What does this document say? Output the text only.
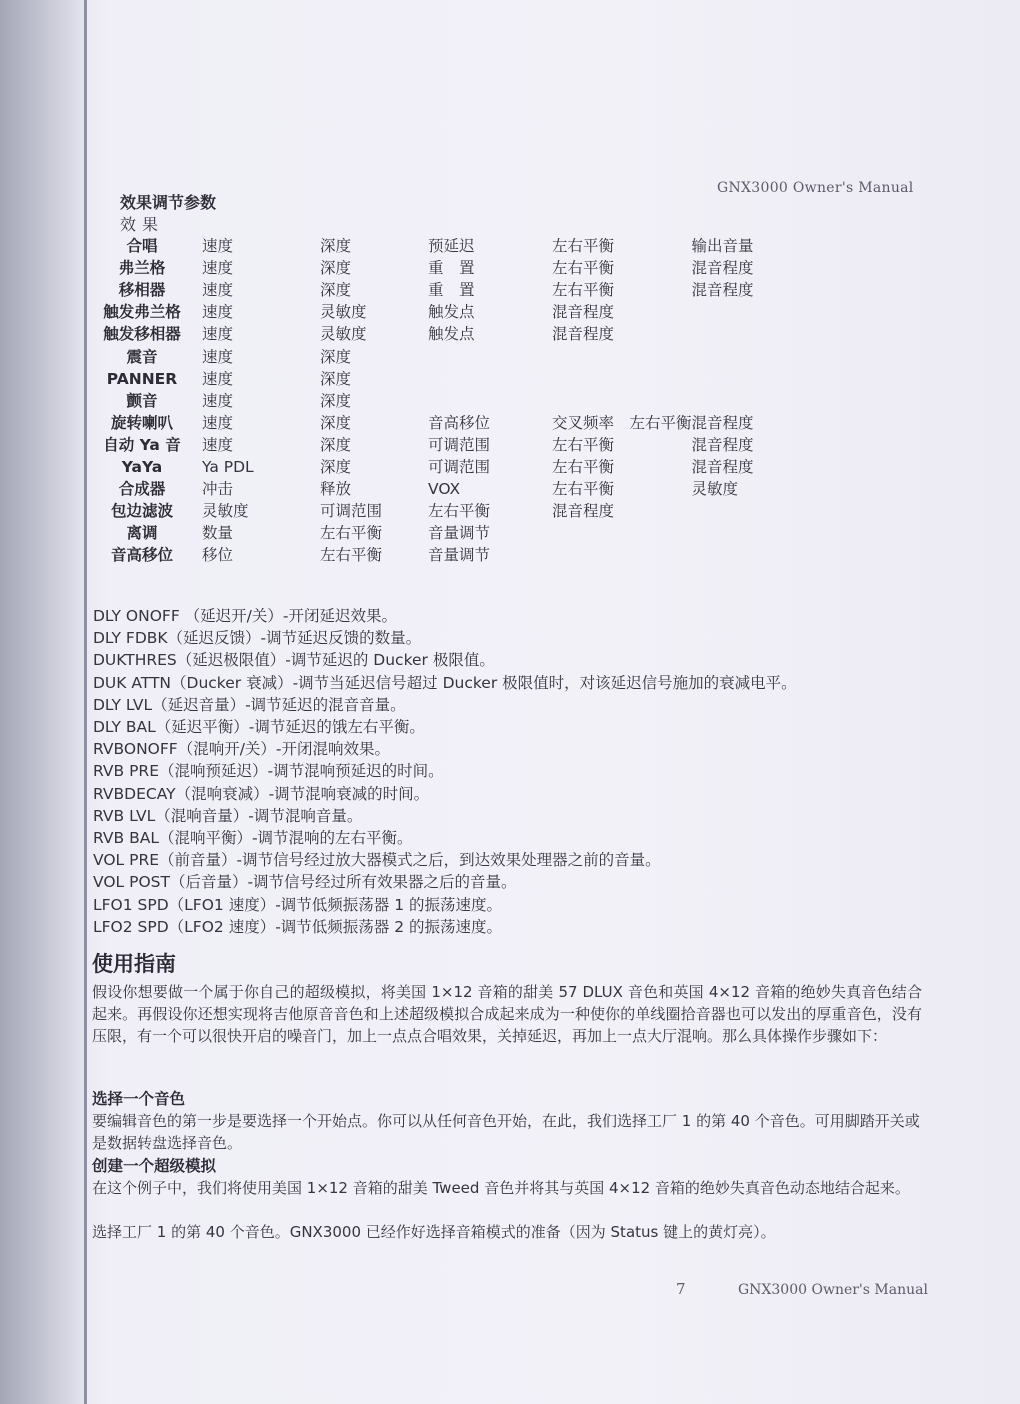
GNX3000 Owner's Manual
效果调节参数
效果
合唱	速度	深度	预延迟	左右平衡	输出音量
弗兰格	速度	深度	重　置	左右平衡	混音程度
移相器	速度	深度	重　置	左右平衡	混音程度
触发弗兰格	速度	灵敏度	触发点	混音程度	
触发移相器	速度	灵敏度	触发点	混音程度	
震音	速度	深度			
PANNER	速度	深度			
颤音	速度	深度			
旋转喇叭	速度	深度	音高移位	交叉频率　左右平衡	混音程度
自动 Ya 音	速度	深度	可调范围	左右平衡	混音程度
YaYa	Ya PDL	深度	可调范围	左右平衡	混音程度
合成器	冲击	释放	VOX	左右平衡	灵敏度
包边滤波	灵敏度	可调范围	左右平衡	混音程度	
离调	数量	左右平衡	音量调节		
音高移位	移位	左右平衡	音量调节		
DLY ONOFF （延迟开/关）-开闭延迟效果。
DLY FDBK（延迟反馈）-调节延迟反馈的数量。
DUKTHRES（延迟极限值）-调节延迟的 Ducker 极限值。
DUK ATTN（Ducker 衰减）-调节当延迟信号超过 Ducker 极限值时，对该延迟信号施加的衰减电平。
DLY LVL（延迟音量）-调节延迟的混音音量。
DLY BAL（延迟平衡）-调节延迟的饿左右平衡。
RVBONOFF（混响开/关）-开闭混响效果。
RVB PRE（混响预延迟）-调节混响预延迟的时间。
RVBDECAY（混响衰减）-调节混响衰减的时间。
RVB LVL（混响音量）-调节混响音量。
RVB BAL（混响平衡）-调节混响的左右平衡。
VOL PRE（前音量）-调节信号经过放大器模式之后，到达效果处理器之前的音量。
VOL POST（后音量）-调节信号经过所有效果器之后的音量。
LFO1 SPD（LFO1 速度）-调节低频振荡器 1 的振荡速度。
LFO2 SPD（LFO2 速度）-调节低频振荡器 2 的振荡速度。
使用指南
假设你想要做一个属于你自己的超级模拟，将美国 1×12 音箱的甜美 57 DLUX 音色和英国 4×12 音箱的绝妙失真音色结合起来。再假设你还想实现将吉他原音音色和上述超级模拟合成起来成为一种使你的单线圈拾音器也可以发出的厚重音色，没有压限，有一个可以很快开启的噪音门，加上一点点合唱效果，关掉延迟，再加上一点大厅混响。那么具体操作步骤如下：
选择一个音色
要编辑音色的第一步是要选择一个开始点。你可以从任何音色开始，在此，我们选择工厂 1 的第 40 个音色。可用脚踏开关或是数据转盘选择音色。
创建一个超级模拟
在这个例子中，我们将使用美国 1×12 音箱的甜美 Tweed 音色并将其与英国 4×12 音箱的绝妙失真音色动态地结合起来。
选择工厂 1 的第 40 个音色。GNX3000 已经作好选择音箱模式的准备（因为 Status 键上的黄灯亮）。
7	GNX3000 Owner's Manual
